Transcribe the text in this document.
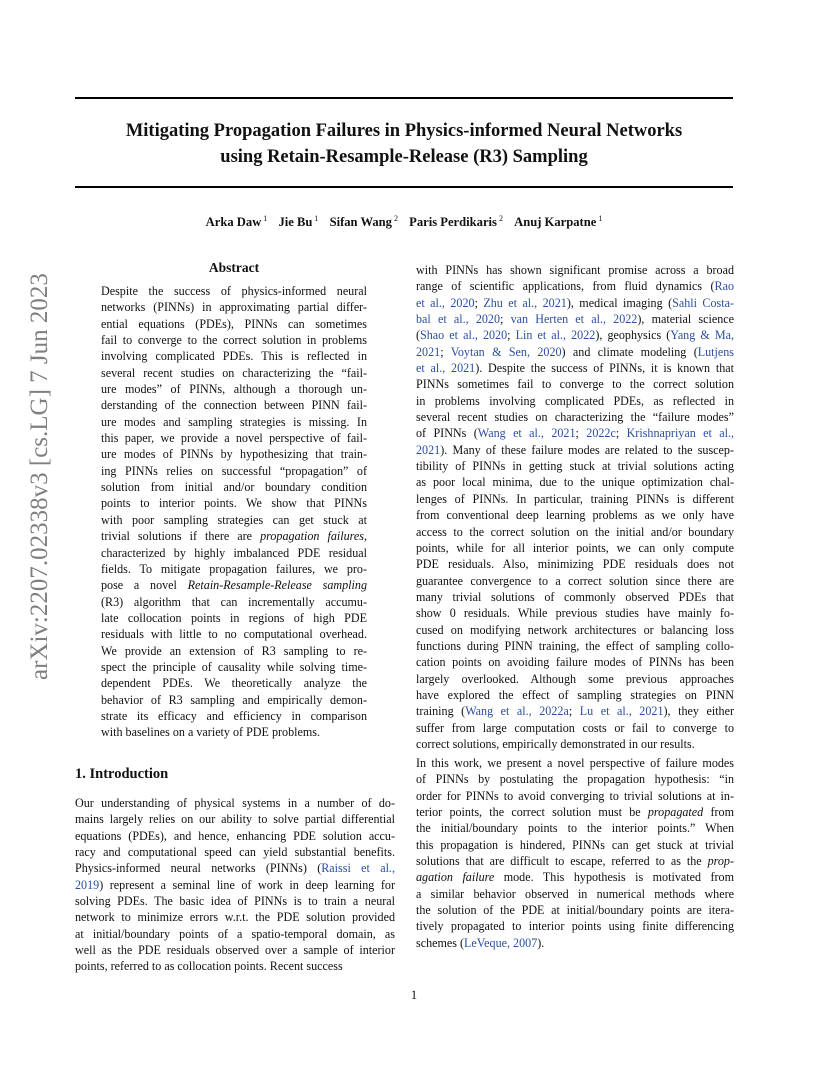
Mitigating Propagation Failures in Physics-informed Neural Networks
using Retain-Resample-Release (R3) Sampling
Arka Daw $^1$ Jie Bu $^1$ Sifan Wang $^2$ Paris Perdikaris $^2$ Anuj Karpatne $^1$
arXiv:2207.02338v3 [cs.LG] 7 Jun 2023
Abstract
Despite the success of physics-informed neural
networks (PINNs) in approximating partial differ-
ential equations (PDEs), PINNs can sometimes
fail to converge to the correct solution in problems
involving complicated PDEs. This is reflected in
several recent studies on characterizing the “fail-
ure modes” of PINNs, although a thorough un-
derstanding of the connection between PINN fail-
ure modes and sampling strategies is missing. In
this paper, we provide a novel perspective of fail-
ure modes of PINNs by hypothesizing that train-
ing PINNs relies on successful “propagation” of
solution from initial and/or boundary condition
points to interior points. We show that PINNs
with poor sampling strategies can get stuck at
trivial solutions if there are propagation failures,
characterized by highly imbalanced PDE residual
fields. To mitigate propagation failures, we pro-
pose a novel Retain-Resample-Release sampling
(R3) algorithm that can incrementally accumu-
late collocation points in regions of high PDE
residuals with little to no computational overhead.
We provide an extension of R3 sampling to re-
spect the principle of causality while solving time-
dependent PDEs. We theoretically analyze the
behavior of R3 sampling and empirically demon-
strate its efficacy and efficiency in comparison
with baselines on a variety of PDE problems.
1. Introduction
Our understanding of physical systems in a number of do-
mains largely relies on our ability to solve partial differential
equations (PDEs), and hence, enhancing PDE solution accu-
racy and computational speed can yield substantial benefits.
Physics-informed neural networks (PINNs) (Raissi et al.,
2019) represent a seminal line of work in deep learning for
solving PDEs. The basic idea of PINNs is to train a neural
network to minimize errors w.r.t. the PDE solution provided
at initial/boundary points of a spatio-temporal domain, as
well as the PDE residuals observed over a sample of interior
points, referred to as collocation points. Recent success
with PINNs has shown significant promise across a broad
range of scientific applications, from fluid dynamics (Rao
et al., 2020; Zhu et al., 2021), medical imaging (Sahli Costa-
bal et al., 2020; van Herten et al., 2022), material science
(Shao et al., 2020; Lin et al., 2022), geophysics (Yang & Ma,
2021; Voytan & Sen, 2020) and climate modeling (Lutjens
et al., 2021). Despite the success of PINNs, it is known that
PINNs sometimes fail to converge to the correct solution
in problems involving complicated PDEs, as reflected in
several recent studies on characterizing the “failure modes”
of PINNs (Wang et al., 2021; 2022c; Krishnapriyan et al.,
2021). Many of these failure modes are related to the suscep-
tibility of PINNs in getting stuck at trivial solutions acting
as poor local minima, due to the unique optimization chal-
lenges of PINNs. In particular, training PINNs is different
from conventional deep learning problems as we only have
access to the correct solution on the initial and/or boundary
points, while for all interior points, we can only compute
PDE residuals. Also, minimizing PDE residuals does not
guarantee convergence to a correct solution since there are
many trivial solutions of commonly observed PDEs that
show 0 residuals. While previous studies have mainly fo-
cused on modifying network architectures or balancing loss
functions during PINN training, the effect of sampling collo-
cation points on avoiding failure modes of PINNs has been
largely overlooked. Although some previous approaches
have explored the effect of sampling strategies on PINN
training (Wang et al., 2022a; Lu et al., 2021), they either
suffer from large computation costs or fail to converge to
correct solutions, empirically demonstrated in our results.
In this work, we present a novel perspective of failure modes
of PINNs by postulating the propagation hypothesis: “in
order for PINNs to avoid converging to trivial solutions at in-
terior points, the correct solution must be propagated from
the initial/boundary points to the interior points.” When
this propagation is hindered, PINNs can get stuck at trivial
solutions that are difficult to escape, referred to as the prop-
agation failure mode. This hypothesis is motivated from
a similar behavior observed in numerical methods where
the solution of the PDE at initial/boundary points are itera-
tively propagated to interior points using finite differencing
schemes (LeVeque, 2007).
1
